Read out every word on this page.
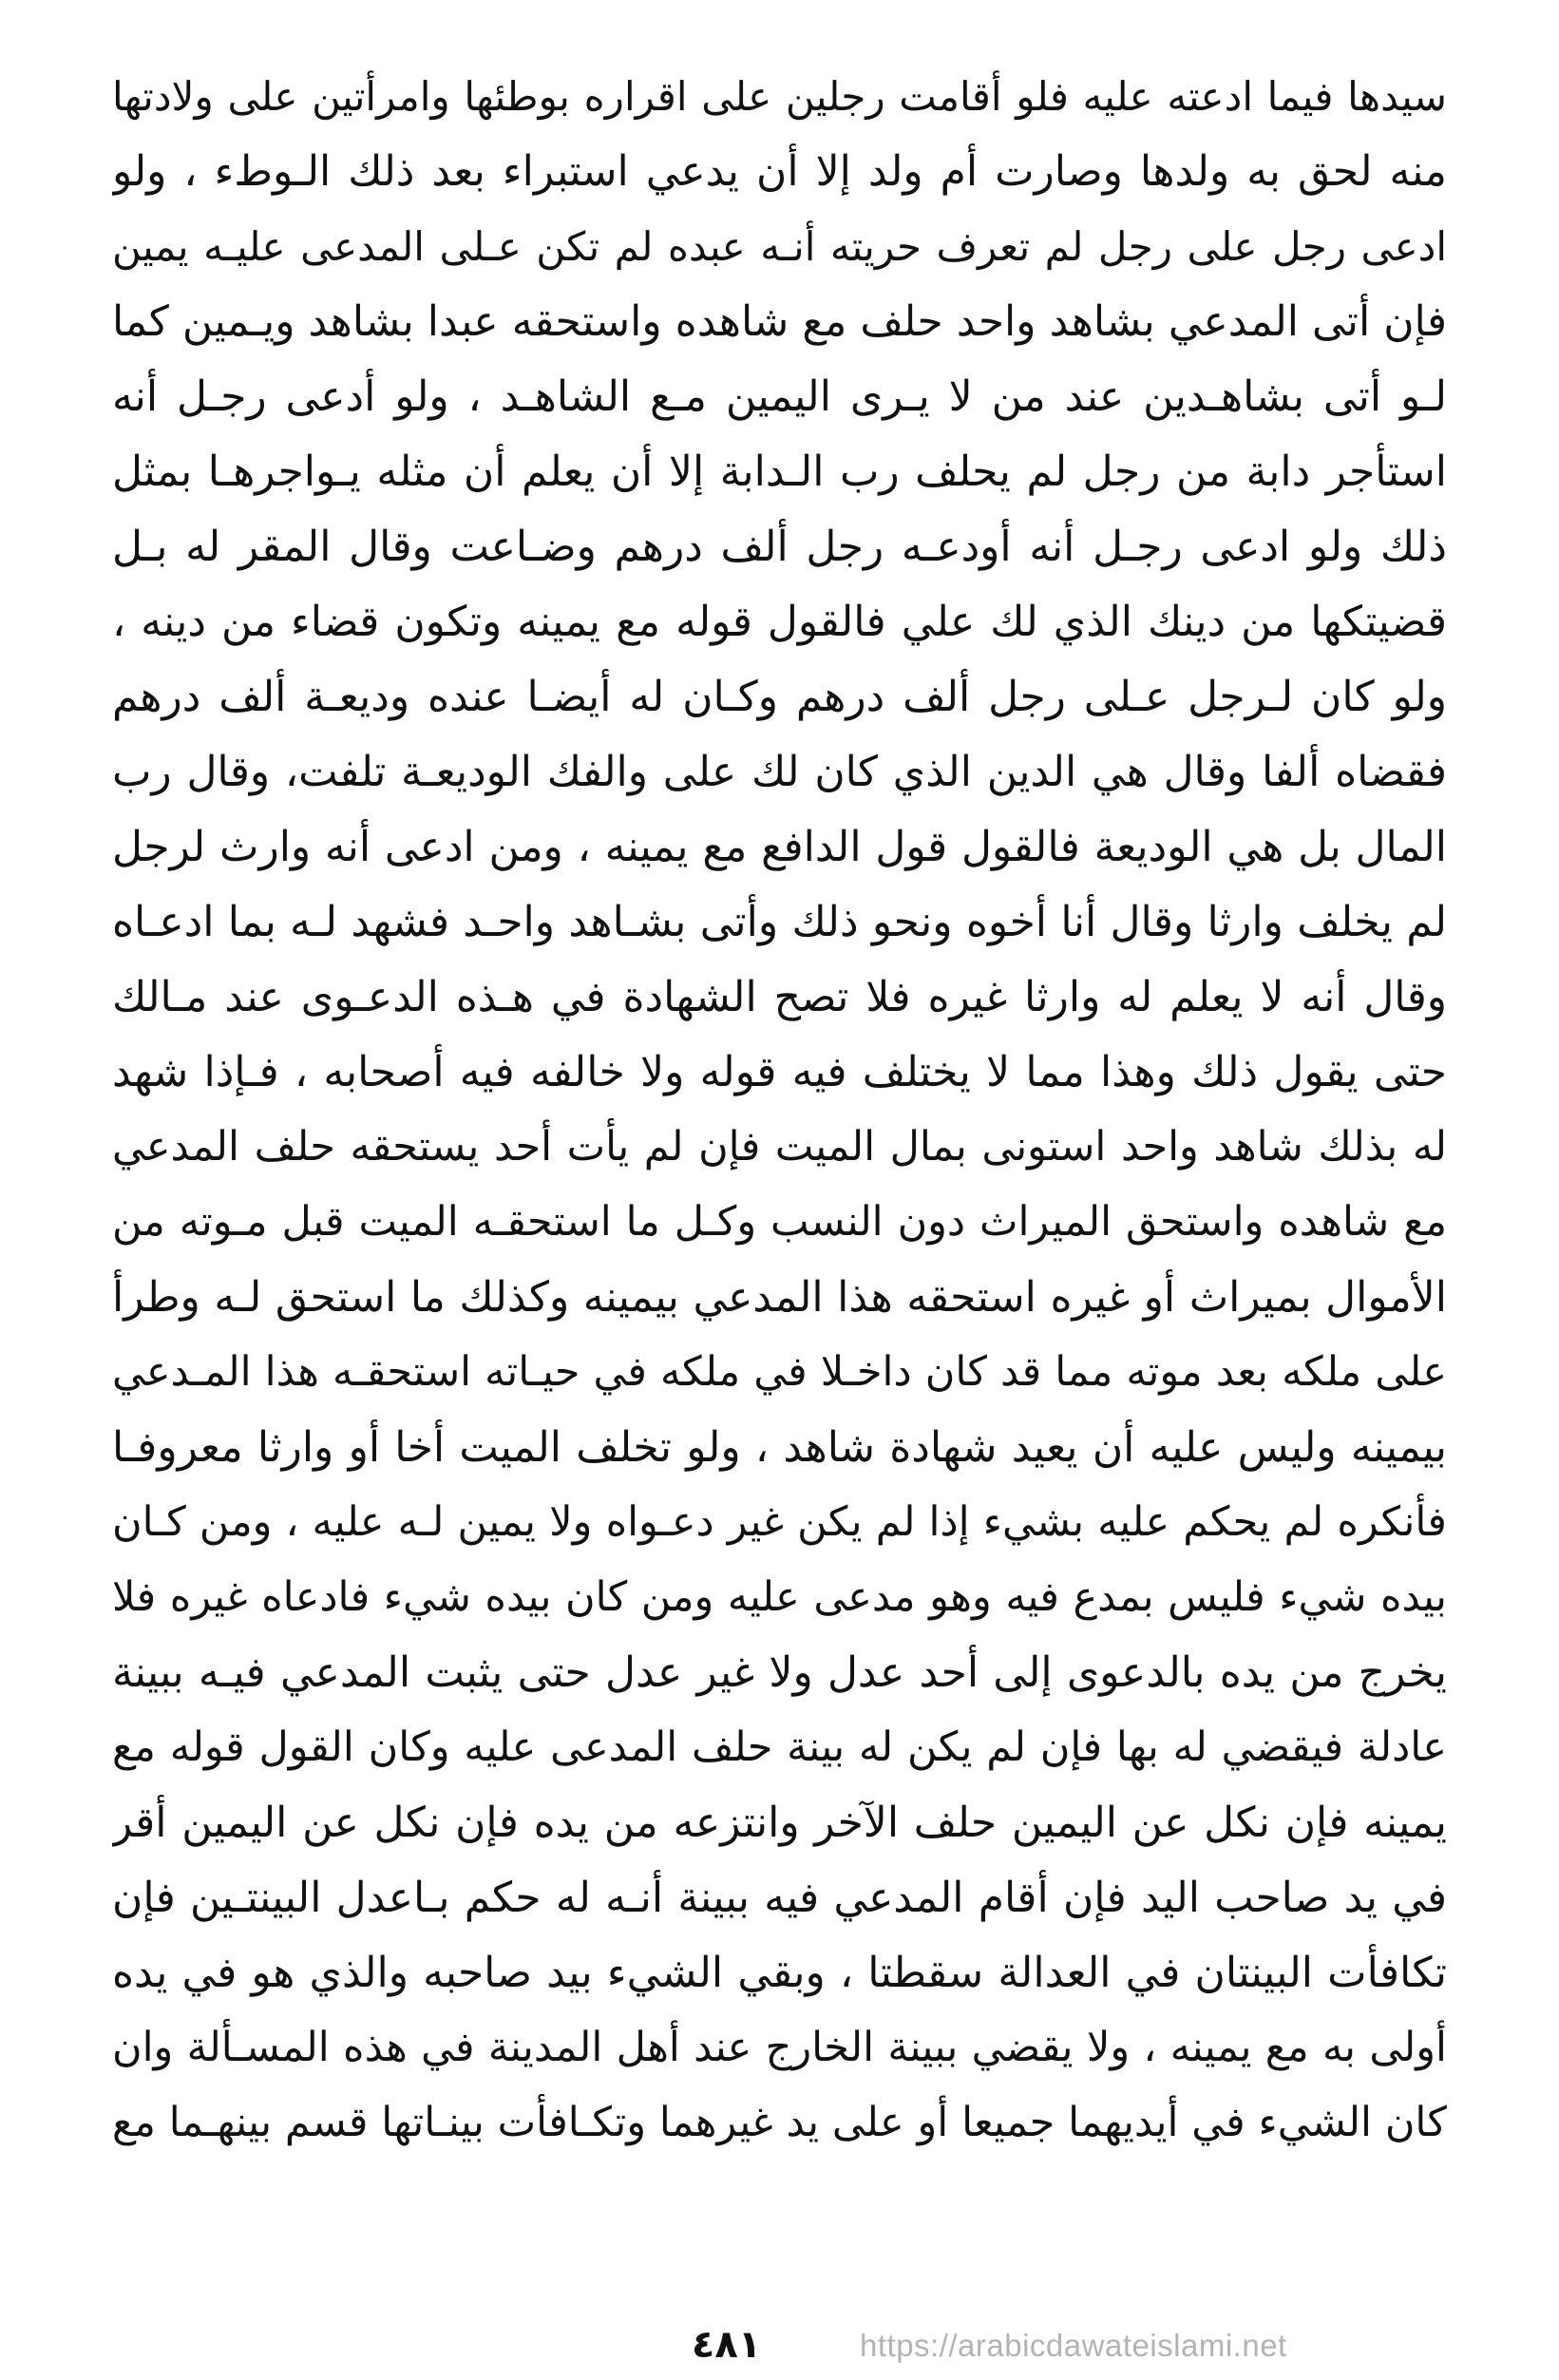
سيدها فيما ادعته عليه فلو أقامت رجلين على اقراره بوطئها وامرأتين على ولادتها
منه لحق به ولدها وصارت أم ولد إلا أن يدعي استبراء بعد ذلك الـوطء ، ولو
ادعى رجل على رجل لم تعرف حريته أنـه عبده لم تكن عـلى المدعى عليـه يمين
فإن أتى المدعي بشاهد واحد حلف مع شاهده واستحقه عبدا بشاهد ويـمين كما
لـو أتى بشاهـدين عند من لا يـرى اليمين مـع الشاهـد ، ولو أدعى رجـل أنه
استأجر دابة من رجل لم يحلف رب الـدابة إلا أن يعلم أن مثله يـواجرهـا بمثل
ذلك ولو ادعى رجـل أنه أودعـه رجل ألف درهم وضـاعت وقال المقر له بـل
قضيتكها من دينك الذي لك علي فالقول قوله مع يمينه وتكون قضاء من دينه ،
ولو كان لـرجل عـلى رجل ألف درهم وكـان له أيضـا عنده وديعـة ألف درهم
فقضاه ألفا وقال هي الدين الذي كان لك على والفك الوديعـة تلفت، وقال رب
المال بل هي الوديعة فالقول قول الدافع مع يمينه ، ومن ادعى أنه وارث لرجل
لم يخلف وارثا وقال أنا أخوه ونحو ذلك وأتى بشـاهد واحـد فشهد لـه بما ادعـاه
وقال أنه لا يعلم له وارثا غيره فلا تصح الشهادة في هـذه الدعـوى عند مـالك
حتى يقول ذلك وهذا مما لا يختلف فيه قوله ولا خالفه فيه أصحابه ، فـإذا شهد
له بذلك شاهد واحد استونى بمال الميت فإن لم يأت أحد يستحقه حلف المدعي
مع شاهده واستحق الميراث دون النسب وكـل ما استحقـه الميت قبل مـوته من
الأموال بميراث أو غيره استحقه هذا المدعي بيمينه وكذلك ما استحق لـه وطرأ
على ملكه بعد موته مما قد كان داخـلا في ملكه في حيـاته استحقـه هذا المـدعي
بيمينه وليس عليه أن يعيد شهادة شاهد ، ولو تخلف الميت أخا أو وارثا معروفـا
فأنكره لم يحكم عليه بشيء إذا لم يكن غير دعـواه ولا يمين لـه عليه ، ومن كـان
بيده شيء فليس بمدع فيه وهو مدعى عليه ومن كان بيده شيء فادعاه غيره فلا
يخرج من يده بالدعوى إلى أحد عدل ولا غير عدل حتى يثبت المدعي فيـه ببينة
عادلة فيقضي له بها فإن لم يكن له بينة حلف المدعى عليه وكان القول قوله مع
يمينه فإن نكل عن اليمين حلف الآخر وانتزعه من يده فإن نكل عن اليمين أقر
في يد صاحب اليد فإن أقام المدعي فيه ببينة أنـه له حكم بـاعدل البينتـين فإن
تكافأت البينتان في العدالة سقطتا ، وبقي الشيء بيد صاحبه والذي هو في يده
أولى به مع يمينه ، ولا يقضي ببينة الخارج عند أهل المدينة في هذه المسـألة وان
كان الشيء في أيديهما جميعا أو على يد غيرهما وتكـافأت بينـاتها قسم بينهـما مع
٤٨١	https://arabicdawateislami.net
